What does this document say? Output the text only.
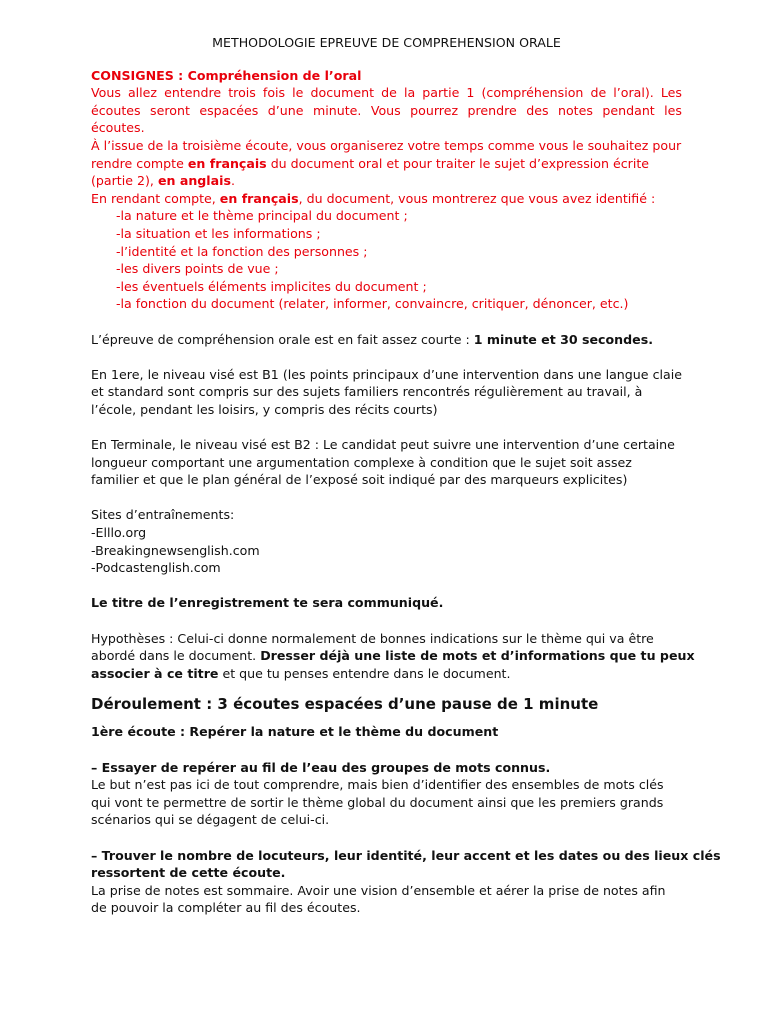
METHODOLOGIE EPREUVE DE COMPREHENSION ORALE
CONSIGNES : Compréhension de l’oral
Vous allez entendre trois fois le document de la partie 1 (compréhension de l’oral). Les
écoutes seront espacées d’une minute. Vous pourrez prendre des notes pendant les
écoutes.
À l’issue de la troisième écoute, vous organiserez votre temps comme vous le souhaitez pour
rendre compte en français du document oral et pour traiter le sujet d’expression écrite
(partie 2), en anglais.
En rendant compte, en français, du document, vous montrerez que vous avez identifié :
-la nature et le thème principal du document ;
-la situation et les informations ;
-l’identité et la fonction des personnes ;
-les divers points de vue ;
-les éventuels éléments implicites du document ;
-la fonction du document (relater, informer, convaincre, critiquer, dénoncer, etc.)
L’épreuve de compréhension orale est en fait assez courte : 1 minute et 30 secondes.
En 1ere, le niveau visé est B1 (les points principaux d’une intervention dans une langue claie
et standard sont compris sur des sujets familiers rencontrés régulièrement au travail, à
l’école, pendant les loisirs, y compris des récits courts)
En Terminale, le niveau visé est B2 : Le candidat peut suivre une intervention d’une certaine
longueur comportant une argumentation complexe à condition que le sujet soit assez
familier et que le plan général de l’exposé soit indiqué par des marqueurs explicites)
Sites d’entraînements:
-Elllo.org
-Breakingnewsenglish.com
-Podcastenglish.com
Le titre de l’enregistrement te sera communiqué.
Hypothèses : Celui-ci donne normalement de bonnes indications sur le thème qui va être
abordé dans le document. Dresser déjà une liste de mots et d’informations que tu peux
associer à ce titre et que tu penses entendre dans le document.
Déroulement : 3 écoutes espacées d’une pause de 1 minute
1ère écoute : Repérer la nature et le thème du document
– Essayer de repérer au fil de l’eau des groupes de mots connus.
Le but n’est pas ici de tout comprendre, mais bien d’identifier des ensembles de mots clés
qui vont te permettre de sortir le thème global du document ainsi que les premiers grands
scénarios qui se dégagent de celui-ci.
– Trouver le nombre de locuteurs, leur identité, leur accent et les dates ou des lieux clés
ressortent de cette écoute.
La prise de notes est sommaire. Avoir une vision d’ensemble et aérer la prise de notes afin
de pouvoir la compléter au fil des écoutes.
